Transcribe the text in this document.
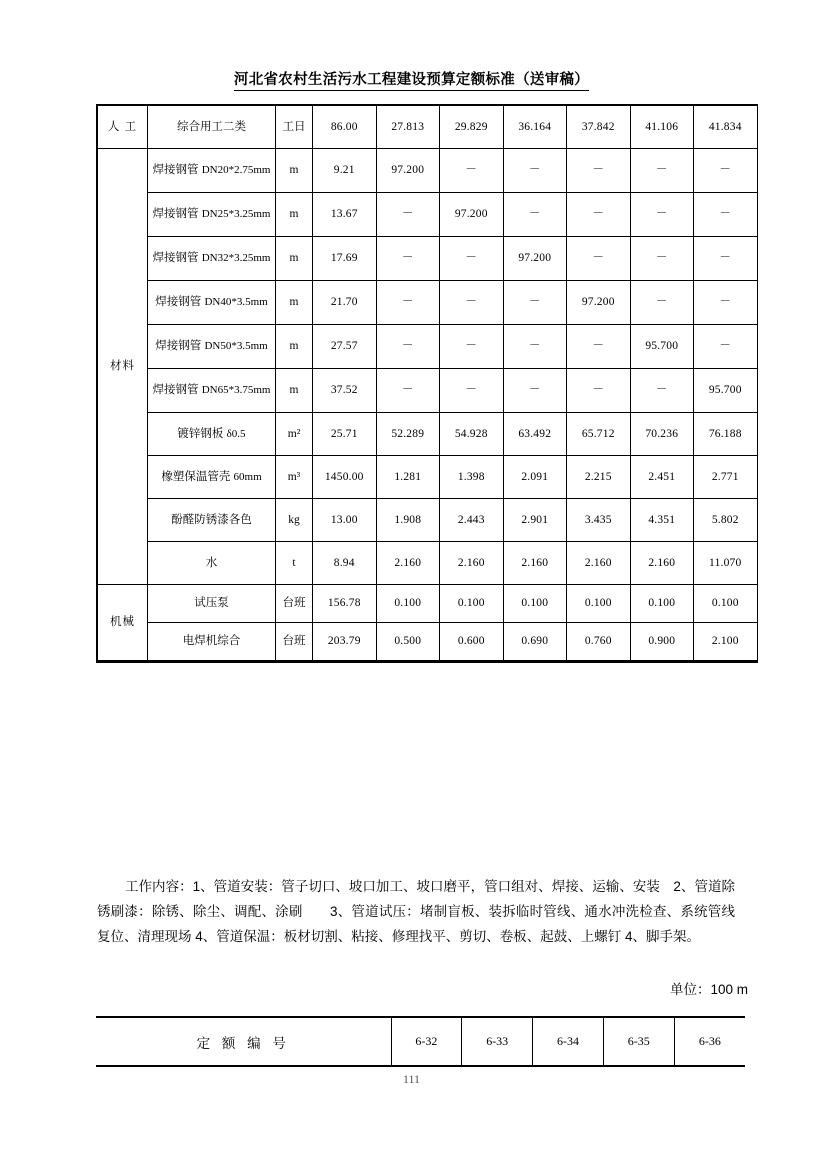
河北省农村生活污水工程建设预算定额标准（送审稿）
人 工	综合用工二类	工日	86.00	27.813	29.829	36.164	37.842	41.106	41.834
材料	焊接钢管 DN20*2.75mm	m	9.21	97.200	－	－	－	－	－
	焊接钢管 DN25*3.25mm	m	13.67	－	97.200	－	－	－	－
	焊接钢管 DN32*3.25mm	m	17.69	－	－	97.200	－	－	－
	焊接钢管 DN40*3.5mm	m	21.70	－	－	－	97.200	－	－
	焊接钢管 DN50*3.5mm	m	27.57	－	－	－	－	95.700	－
	焊接钢管 DN65*3.75mm	m	37.52	－	－	－	－	－	95.700
	镀锌钢板 δ0.5	m²	25.71	52.289	54.928	63.492	65.712	70.236	76.188
	橡塑保温管壳 60mm	m³	1450.00	1.281	1.398	2.091	2.215	2.451	2.771
	酚醛防锈漆各色	kg	13.00	1.908	2.443	2.901	3.435	4.351	5.802
	水	t	8.94	2.160	2.160	2.160	2.160	2.160	11.070
机械	试压泵	台班	156.78	0.100	0.100	0.100	0.100	0.100	0.100
	电焊机综合	台班	203.79	0.500	0.600	0.690	0.760	0.900	2.100
工作内容：1、管道安装：管子切口、坡口加工、坡口磨平，管口组对、焊接、运输、安装　2、管道除锈刷漆：除锈、除尘、调配、涂刷　　3、管道试压：堵制盲板、装拆临时管线、通水冲洗检查、系统管线复位、清理现场 4、管道保温：板材切割、粘接、修理找平、剪切、卷板、起鼓、上螺钉 4、脚手架。
单位：100 m
定 额 编 号	6-32	6-33	6-34	6-35	6-36
111
